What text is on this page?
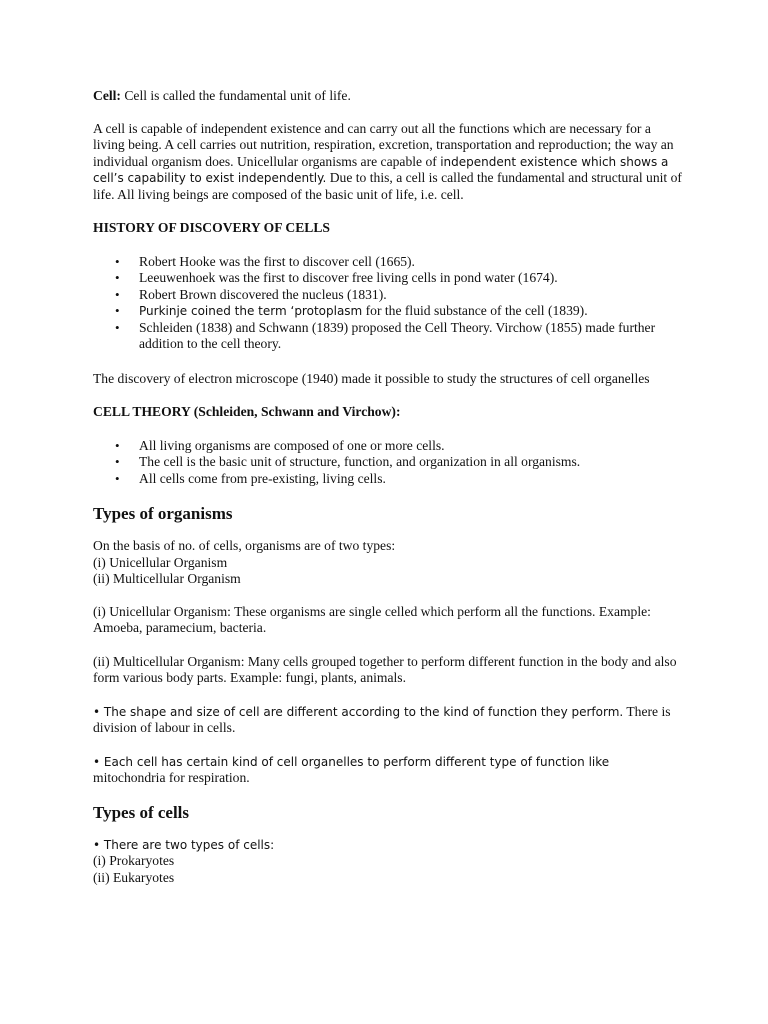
Cell: Cell is called the fundamental unit of life.

A cell is capable of independent existence and can carry out all the functions which are necessary for a living being. A cell carries out nutrition, respiration, excretion, transportation and reproduction; the way an individual organism does. Unicellular organisms are capable of independent existence which shows a cell’s capability to exist independently. Due to this, a cell is called the fundamental and structural unit of life. All living beings are composed of the basic unit of life, i.e. cell.

HISTORY OF DISCOVERY OF CELLS

• Robert Hooke was the first to discover cell (1665).
• Leeuwenhoek was the first to discover free living cells in pond water (1674).
• Robert Brown discovered the nucleus (1831).
• Purkinje coined the term ‘protoplasm for the fluid substance of the cell (1839).
• Schleiden (1838) and Schwann (1839) proposed the Cell Theory. Virchow (1855) made further addition to the cell theory.

The discovery of electron microscope (1940) made it possible to study the structures of cell organelles

CELL THEORY (Schleiden, Schwann and Virchow):

• All living organisms are composed of one or more cells.
• The cell is the basic unit of structure, function, and organization in all organisms.
• All cells come from pre-existing, living cells.

Types of organisms

On the basis of no. of cells, organisms are of two types:
(i) Unicellular Organism
(ii) Multicellular Organism

(i) Unicellular Organism: These organisms are single celled which perform all the functions. Example: Amoeba, paramecium, bacteria.

(ii) Multicellular Organism: Many cells grouped together to perform different function in the body and also form various body parts. Example: fungi, plants, animals.

• The shape and size of cell are different according to the kind of function they perform. There is division of labour in cells.

• Each cell has certain kind of cell organelles to perform different type of function like mitochondria for respiration.

Types of cells

• There are two types of cells:
(i) Prokaryotes
(ii) Eukaryotes
